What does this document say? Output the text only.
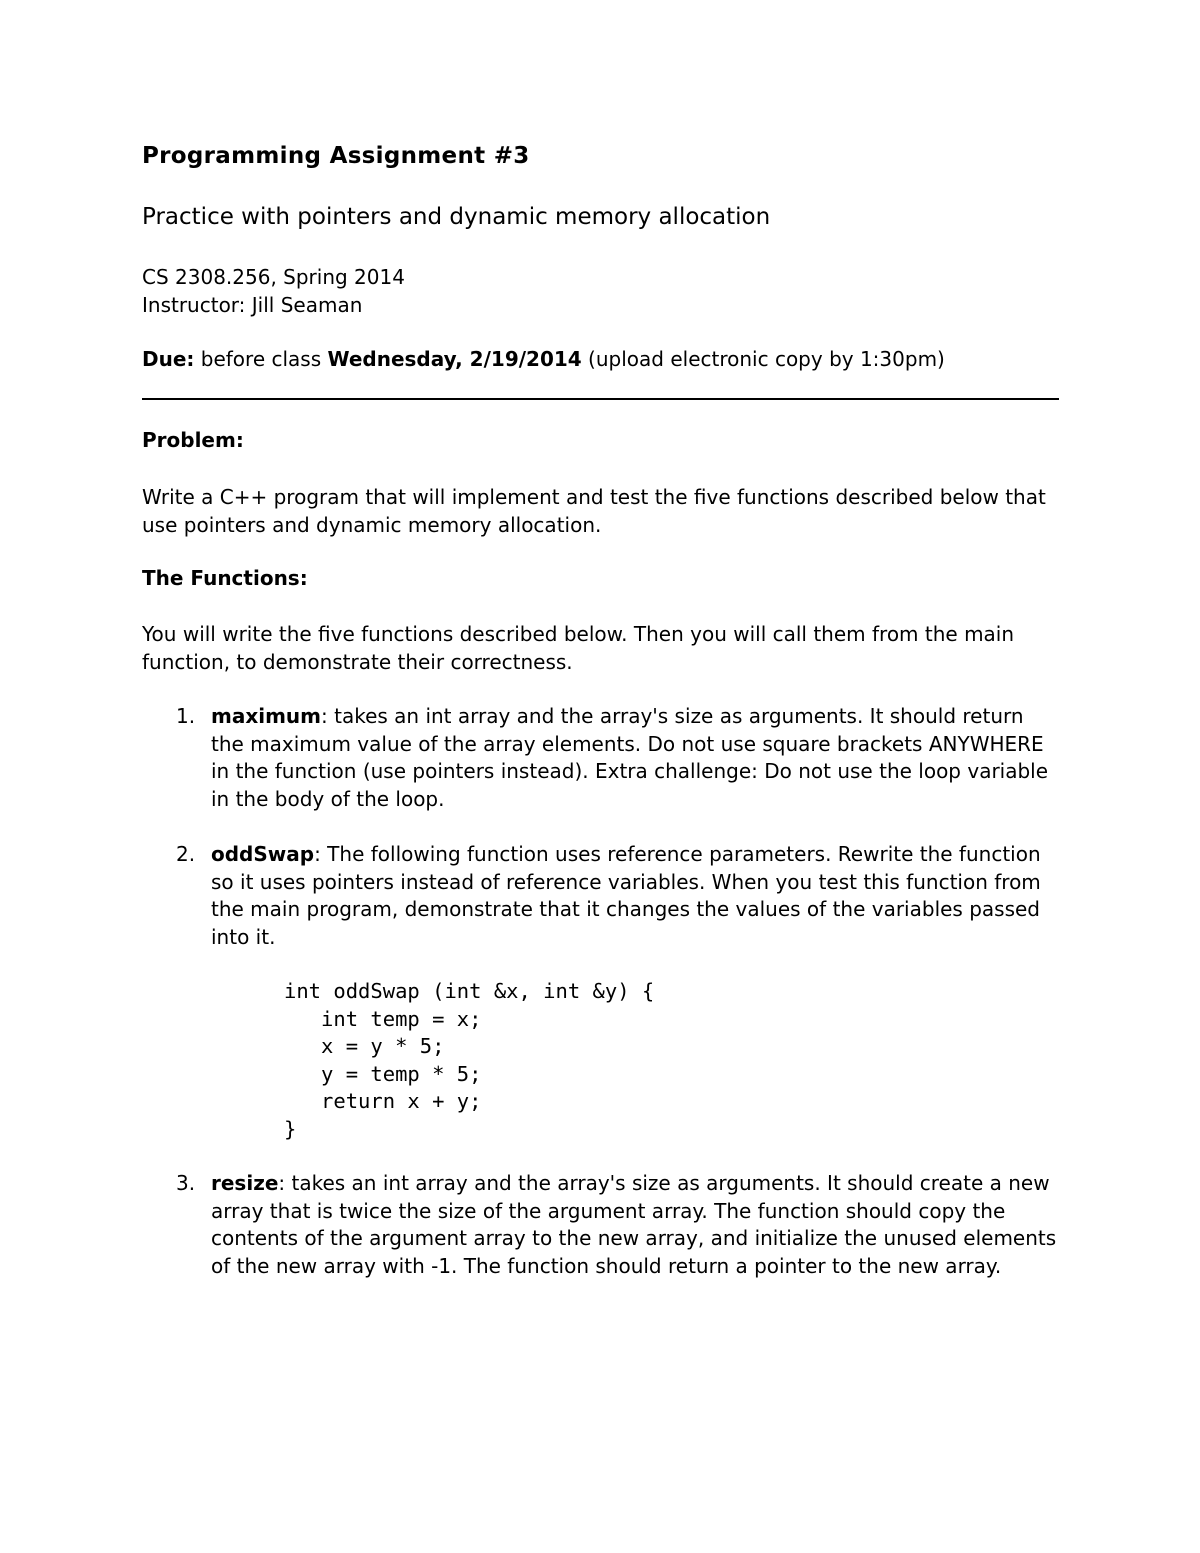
Programming Assignment #3
Practice with pointers and dynamic memory allocation

CS 2308.256, Spring 2014

Instructor: Jill Seaman

Due: before class Wednesday, 2/19/2014 (upload electronic copy by 1:30pm)

Problem:

Write a C++ program that will implement and test the five functions described below that use pointers and dynamic memory allocation.

The Functions:

You will write the five functions described below. Then you will call them from the main function, to demonstrate their correctness.

1. maximum: takes an int array and the array's size as arguments. It should return the maximum value of the array elements. Do not use square brackets ANYWHERE in the function (use pointers instead). Extra challenge: Do not use the loop variable in the body of the loop.
2. oddSwap: The following function uses reference parameters. Rewrite the function so it uses pointers instead of reference variables. When you test this function from the main program, demonstrate that it changes the values of the variables passed into it.
int oddSwap (int &x, int &y) {
int temp = x;
x = y * 5;
y = temp * 5;
return x + y;
}
3. resize: takes an int array and the array's size as arguments. It should create a new array that is twice the size of the argument array. The function should copy the contents of the argument array to the new array, and initialize the unused elements of the new array with -1. The function should return a pointer to the new array.
